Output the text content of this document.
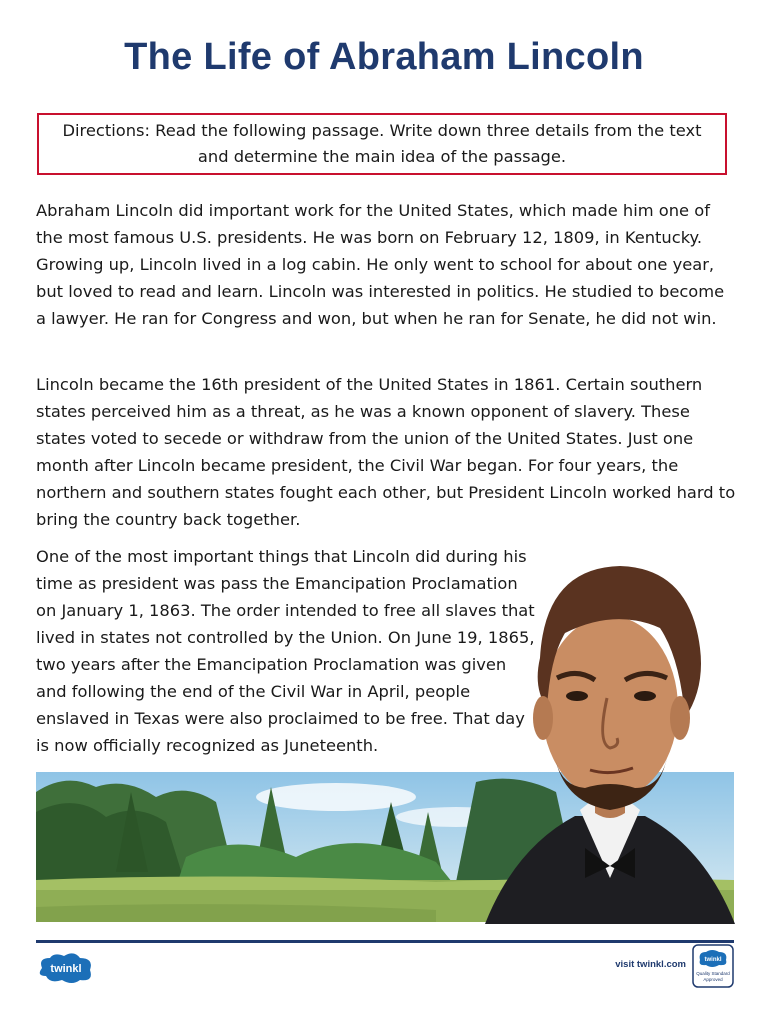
The Life of Abraham Lincoln
Directions: Read the following passage. Write down three details from the text and determine the main idea of the passage.

Abraham Lincoln did important work for the United States, which made him one of the most famous U.S. presidents. He was born on February 12, 1809, in Kentucky. Growing up, Lincoln lived in a log cabin. He only went to school for about one year, but loved to read and learn. Lincoln was interested in politics. He studied to become a lawyer. He ran for Congress and won, but when he ran for Senate, he did not win.

Lincoln became the 16th president of the United States in 1861. Certain southern states perceived him as a threat, as he was a known opponent of slavery. These states voted to secede or withdraw from the union of the United States. Just one month after Lincoln became president, the Civil War began. For four years, the northern and southern states fought each other, but President Lincoln worked hard to bring the country back together.

One of the most important things that Lincoln did during his time as president was pass the Emancipation Proclamation on January 1, 1863. The order intended to free all slaves that lived in states not controlled by the Union. On June 19, 1865, two years after the Emancipation Proclamation was given and following the end of the Civil War in April, people enslaved in Texas were also proclaimed to be free. That day is now officially recognized as Juneteenth.

twinkl	visit twinkl.com	twinkl
Quality Standard
Approved
